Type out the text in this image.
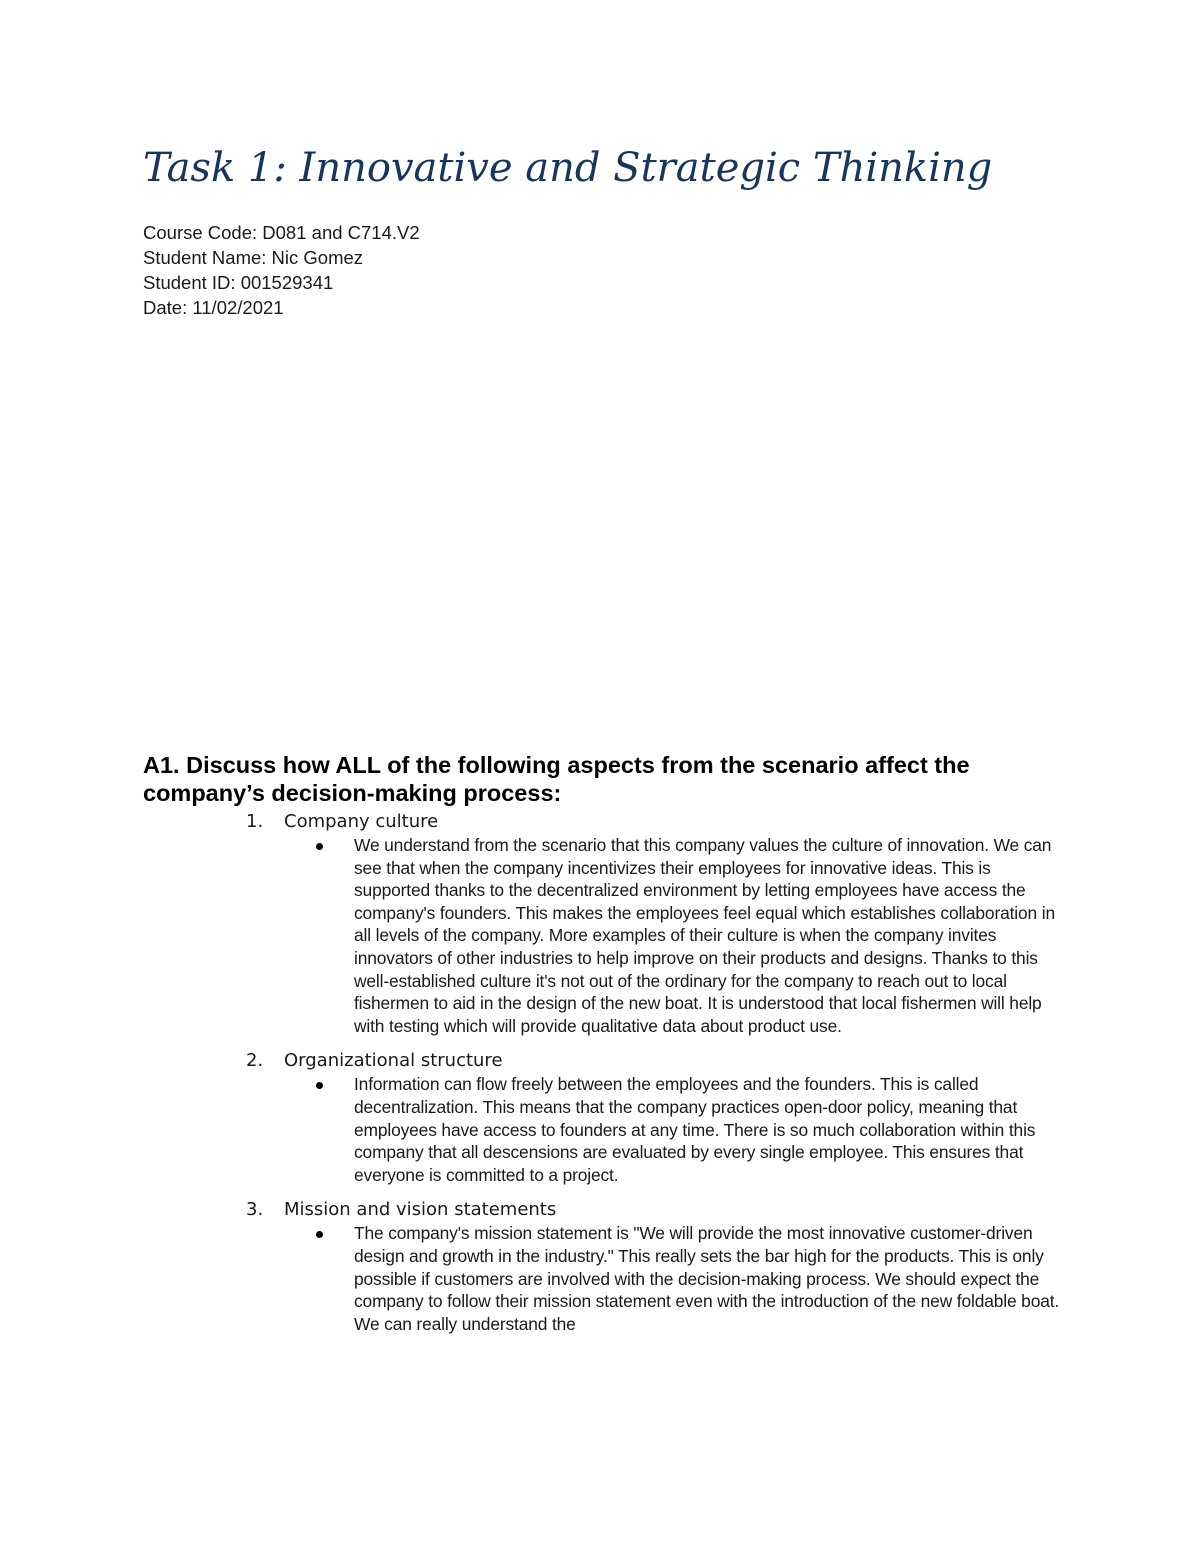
Task 1: Innovative and Strategic Thinking
Course Code: D081 and C714.V2
Student Name: Nic Gomez
Student ID: 001529341
Date: 11/02/2021
A1. Discuss how ALL of the following aspects from the scenario affect the company’s decision-making process:
1. Company culture

We understand from the scenario that this company values the culture of innovation. We can see that when the company incentivizes their employees for innovative ideas. This is supported thanks to the decentralized environment by letting employees have access the company's founders. This makes the employees feel equal which establishes collaboration in all levels of the company. More examples of their culture is when the company invites innovators of other industries to help improve on their products and designs. Thanks to this well-established culture it's not out of the ordinary for the company to reach out to local fishermen to aid in the design of the new boat. It is understood that local fishermen will help with testing which will provide qualitative data about product use.

2. Organizational structure

Information can flow freely between the employees and the founders. This is called decentralization. This means that the company practices open-door policy, meaning that employees have access to founders at any time. There is so much collaboration within this company that all descensions are evaluated by every single employee. This ensures that everyone is committed to a project.

3. Mission and vision statements

The company's mission statement is "We will provide the most innovative customer-driven design and growth in the industry." This really sets the bar high for the products. This is only possible if customers are involved with the decision-making process. We should expect the company to follow their mission statement even with the introduction of the new foldable boat. We can really understand the
